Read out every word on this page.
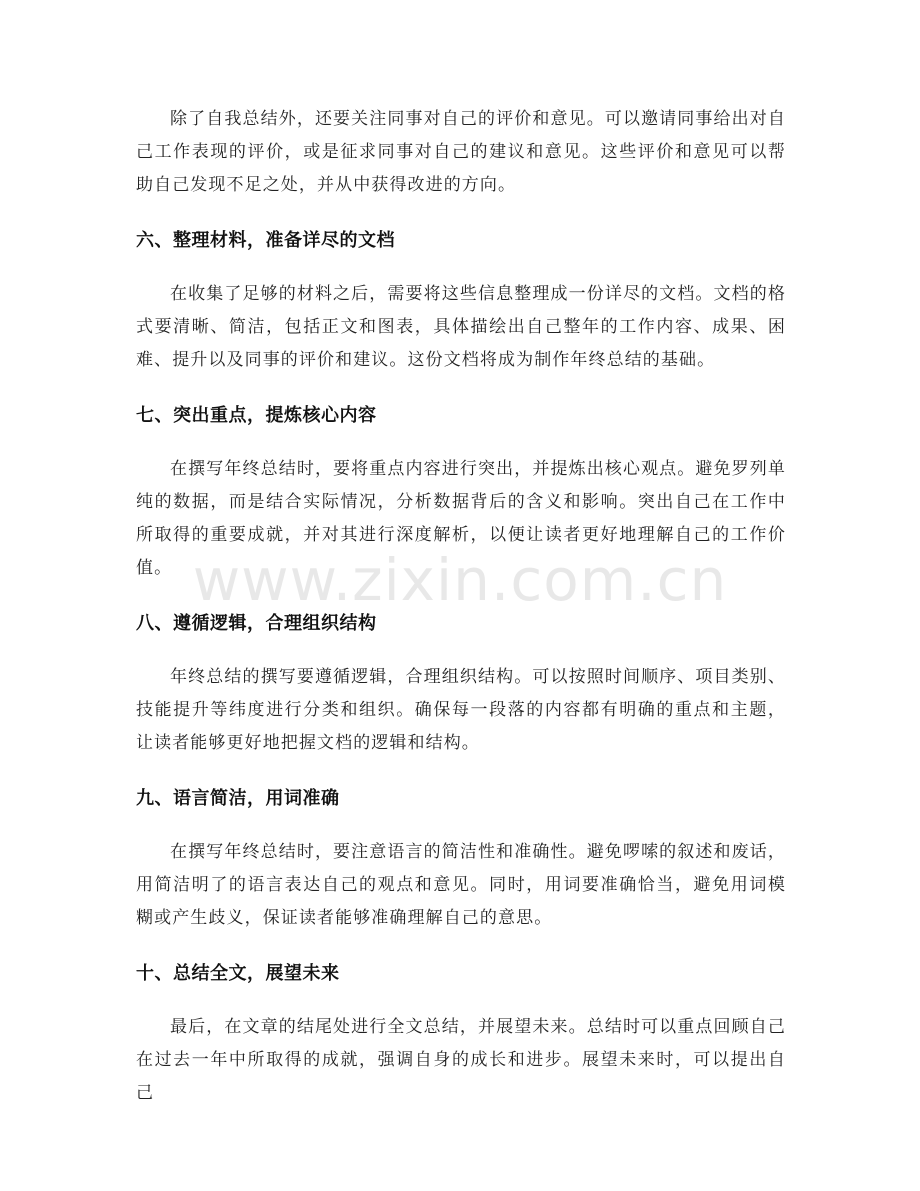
除了自我总结外，还要关注同事对自己的评价和意见。可以邀请同事给出对自己工作表现的评价，或是征求同事对自己的建议和意见。这些评价和意见可以帮助自己发现不足之处，并从中获得改进的方向。

六、整理材料，准备详尽的文档

在收集了足够的材料之后，需要将这些信息整理成一份详尽的文档。文档的格式要清晰、简洁，包括正文和图表，具体描绘出自己整年的工作内容、成果、困难、提升以及同事的评价和建议。这份文档将成为制作年终总结的基础。

七、突出重点，提炼核心内容

在撰写年终总结时，要将重点内容进行突出，并提炼出核心观点。避免罗列单纯的数据，而是结合实际情况，分析数据背后的含义和影响。突出自己在工作中所取得的重要成就，并对其进行深度解析，以便让读者更好地理解自己的工作价值。

八、遵循逻辑，合理组织结构

年终总结的撰写要遵循逻辑，合理组织结构。可以按照时间顺序、项目类别、技能提升等纬度进行分类和组织。确保每一段落的内容都有明确的重点和主题，让读者能够更好地把握文档的逻辑和结构。

九、语言简洁，用词准确

在撰写年终总结时，要注意语言的简洁性和准确性。避免啰嗦的叙述和废话，用简洁明了的语言表达自己的观点和意见。同时，用词要准确恰当，避免用词模糊或产生歧义，保证读者能够准确理解自己的意思。

十、总结全文，展望未来

最后，在文章的结尾处进行全文总结，并展望未来。总结时可以重点回顾自己在过去一年中所取得的成就，强调自身的成长和进步。展望未来时，可以提出自己

www.zixin.com.cn
